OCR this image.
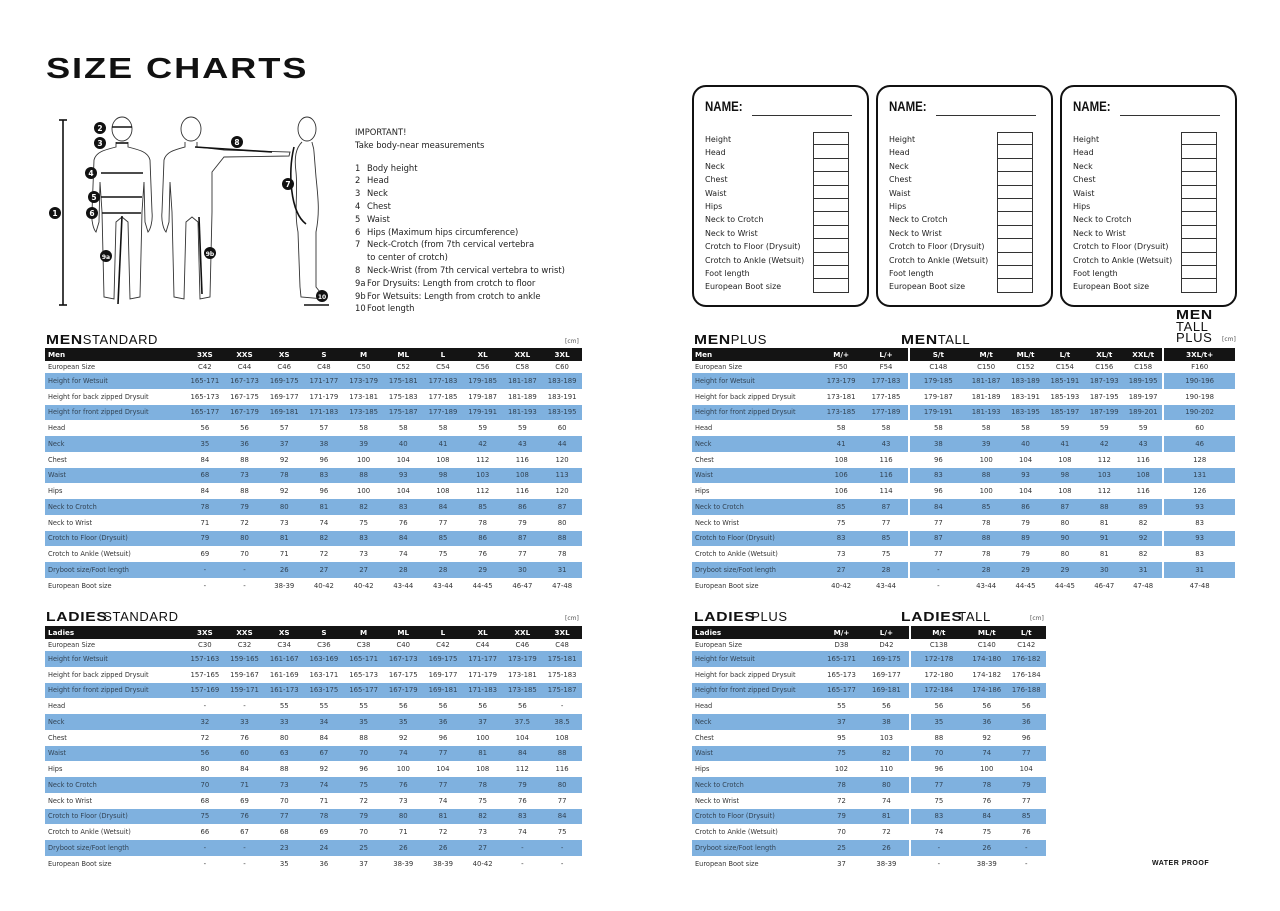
SIZE CHARTS
1
2
3
4
5
6
7
8
9a	9b
10
IMPORTANT!
Take body-near measurements
1 Body height
2 Head
3 Neck
4 Chest
5 Waist
6 Hips (Maximum hips circumference)
7 Neck-Crotch (from 7th cervical vertebra
to center of crotch)
8 Neck-Wrist (from 7th cervical vertebra to wrist)
9a For Drysuits: Length from crotch to floor
9b For Wetsuits: Length from crotch to ankle
10 Foot length
NAME:
Height
Head
Neck
Chest
Waist
Hips
Neck to Crotch
Neck to Wrist
Crotch to Floor (Drysuit)
Crotch to Ankle (Wetsuit)
Foot length
European Boot size
NAME:
Height
Head
Neck
Chest
Waist
Hips
Neck to Crotch
Neck to Wrist
Crotch to Floor (Drysuit)
Crotch to Ankle (Wetsuit)
Foot length
European Boot size
NAME:
Height
Head
Neck
Chest
Waist
Hips
Neck to Crotch
Neck to Wrist
Crotch to Floor (Drysuit)
Crotch to Ankle (Wetsuit)
Foot length
European Boot size
MENSTANDARD	[cm]	MENPLUS	MENTALL
MEN
TALL
PLUS [cm]
LADIESSTANDARD	[cm]	LADIESPLUS	LADIESTALL	[cm]
Men	3XS	XXS	XS	S	M	ML	L	XL	XXL	3XL
European Size	C42	C44	C46	C48	C50	C52	C54	C56	C58	C60
Height for Wetsuit	165-171	167-173	169-175	171-177	173-179	175-181	177-183	179-185	181-187	183-189
Height for back zipped Drysuit	165-173	167-175	169-177	171-179	173-181	175-183	177-185	179-187	181-189	183-191
Height for front zipped Drysuit	165-177	167-179	169-181	171-183	173-185	175-187	177-189	179-191	181-193	183-195
Head	56	56	57	57	58	58	58	59	59	60
Neck	35	36	37	38	39	40	41	42	43	44
Chest	84	88	92	96	100	104	108	112	116	120
Waist	68	73	78	83	88	93	98	103	108	113
Hips	84	88	92	96	100	104	108	112	116	120
Neck to Crotch	78	79	80	81	82	83	84	85	86	87
Neck to Wrist	71	72	73	74	75	76	77	78	79	80
Crotch to Floor (Drysuit)	79	80	81	82	83	84	85	86	87	88
Crotch to Ankle (Wetsuit)	69	70	71	72	73	74	75	76	77	78
Dryboot size/Foot length	-	-	26	27	27	28	28	29	30	31
European Boot size	-	-	38-39	40-42	40-42	43-44	43-44	44-45	46-47	47-48
Men	M/+	L/+	S/t	M/t	ML/t	L/t	XL/t	XXL/t	3XL/t+
European Size	F50	F54	C148	C150	C152	C154	C156	C158	F160
Height for Wetsuit	173-179	177-183	179-185	181-187	183-189	185-191	187-193	189-195	190-196
Height for back zipped Drysuit	173-181	177-185	179-187	181-189	183-191	185-193	187-195	189-197	190-198
Height for front zipped Drysuit	173-185	177-189	179-191	181-193	183-195	185-197	187-199	189-201	190-202
Head	58	58	58	58	58	59	59	59	60
Neck	41	43	38	39	40	41	42	43	46
Chest	108	116	96	100	104	108	112	116	128
Waist	106	116	83	88	93	98	103	108	131
Hips	106	114	96	100	104	108	112	116	126
Neck to Crotch	85	87	84	85	86	87	88	89	93
Neck to Wrist	75	77	77	78	79	80	81	82	83
Crotch to Floor (Drysuit)	83	85	87	88	89	90	91	92	93
Crotch to Ankle (Wetsuit)	73	75	77	78	79	80	81	82	83
Dryboot size/Foot length	27	28	-	28	29	29	30	31	31
European Boot size	40-42	43-44	-	43-44	44-45	44-45	46-47	47-48	47-48
Ladies	3XS	XXS	XS	S	M	ML	L	XL	XXL	3XL
European Size	C30	C32	C34	C36	C38	C40	C42	C44	C46	C48
Height for Wetsuit	157-163	159-165	161-167	163-169	165-171	167-173	169-175	171-177	173-179	175-181
Height for back zipped Drysuit	157-165	159-167	161-169	163-171	165-173	167-175	169-177	171-179	173-181	175-183
Height for front zipped Drysuit	157-169	159-171	161-173	163-175	165-177	167-179	169-181	171-183	173-185	175-187
Head	-	-	55	55	55	56	56	56	56	-
Neck	32	33	33	34	35	35	36	37	37.5	38.5
Chest	72	76	80	84	88	92	96	100	104	108
Waist	56	60	63	67	70	74	77	81	84	88
Hips	80	84	88	92	96	100	104	108	112	116
Neck to Crotch	70	71	73	74	75	76	77	78	79	80
Neck to Wrist	68	69	70	71	72	73	74	75	76	77
Crotch to Floor (Drysuit)	75	76	77	78	79	80	81	82	83	84
Crotch to Ankle (Wetsuit)	66	67	68	69	70	71	72	73	74	75
Dryboot size/Foot length	-	-	23	24	25	26	26	27	-	-
European Boot size	-	-	35	36	37	38-39	38-39	40-42	-	-
Ladies	M/+	L/+	M/t	ML/t	L/t
European Size	D38	D42	C138	C140	C142
Height for Wetsuit	165-171	169-175	172-178	174-180	176-182
Height for back zipped Drysuit	165-173	169-177	172-180	174-182	176-184
Height for front zipped Drysuit	165-177	169-181	172-184	174-186	176-188
Head	55	56	56	56	56
Neck	37	38	35	36	36
Chest	95	103	88	92	96
Waist	75	82	70	74	77
Hips	102	110	96	100	104
Neck to Crotch	78	80	77	78	79
Neck to Wrist	72	74	75	76	77
Crotch to Floor (Drysuit)	79	81	83	84	85
Crotch to Ankle (Wetsuit)	70	72	74	75	76
Dryboot size/Foot length	25	26	-	26	-
European Boot size	37	38-39	-	38-39	-	WATER PROOF
